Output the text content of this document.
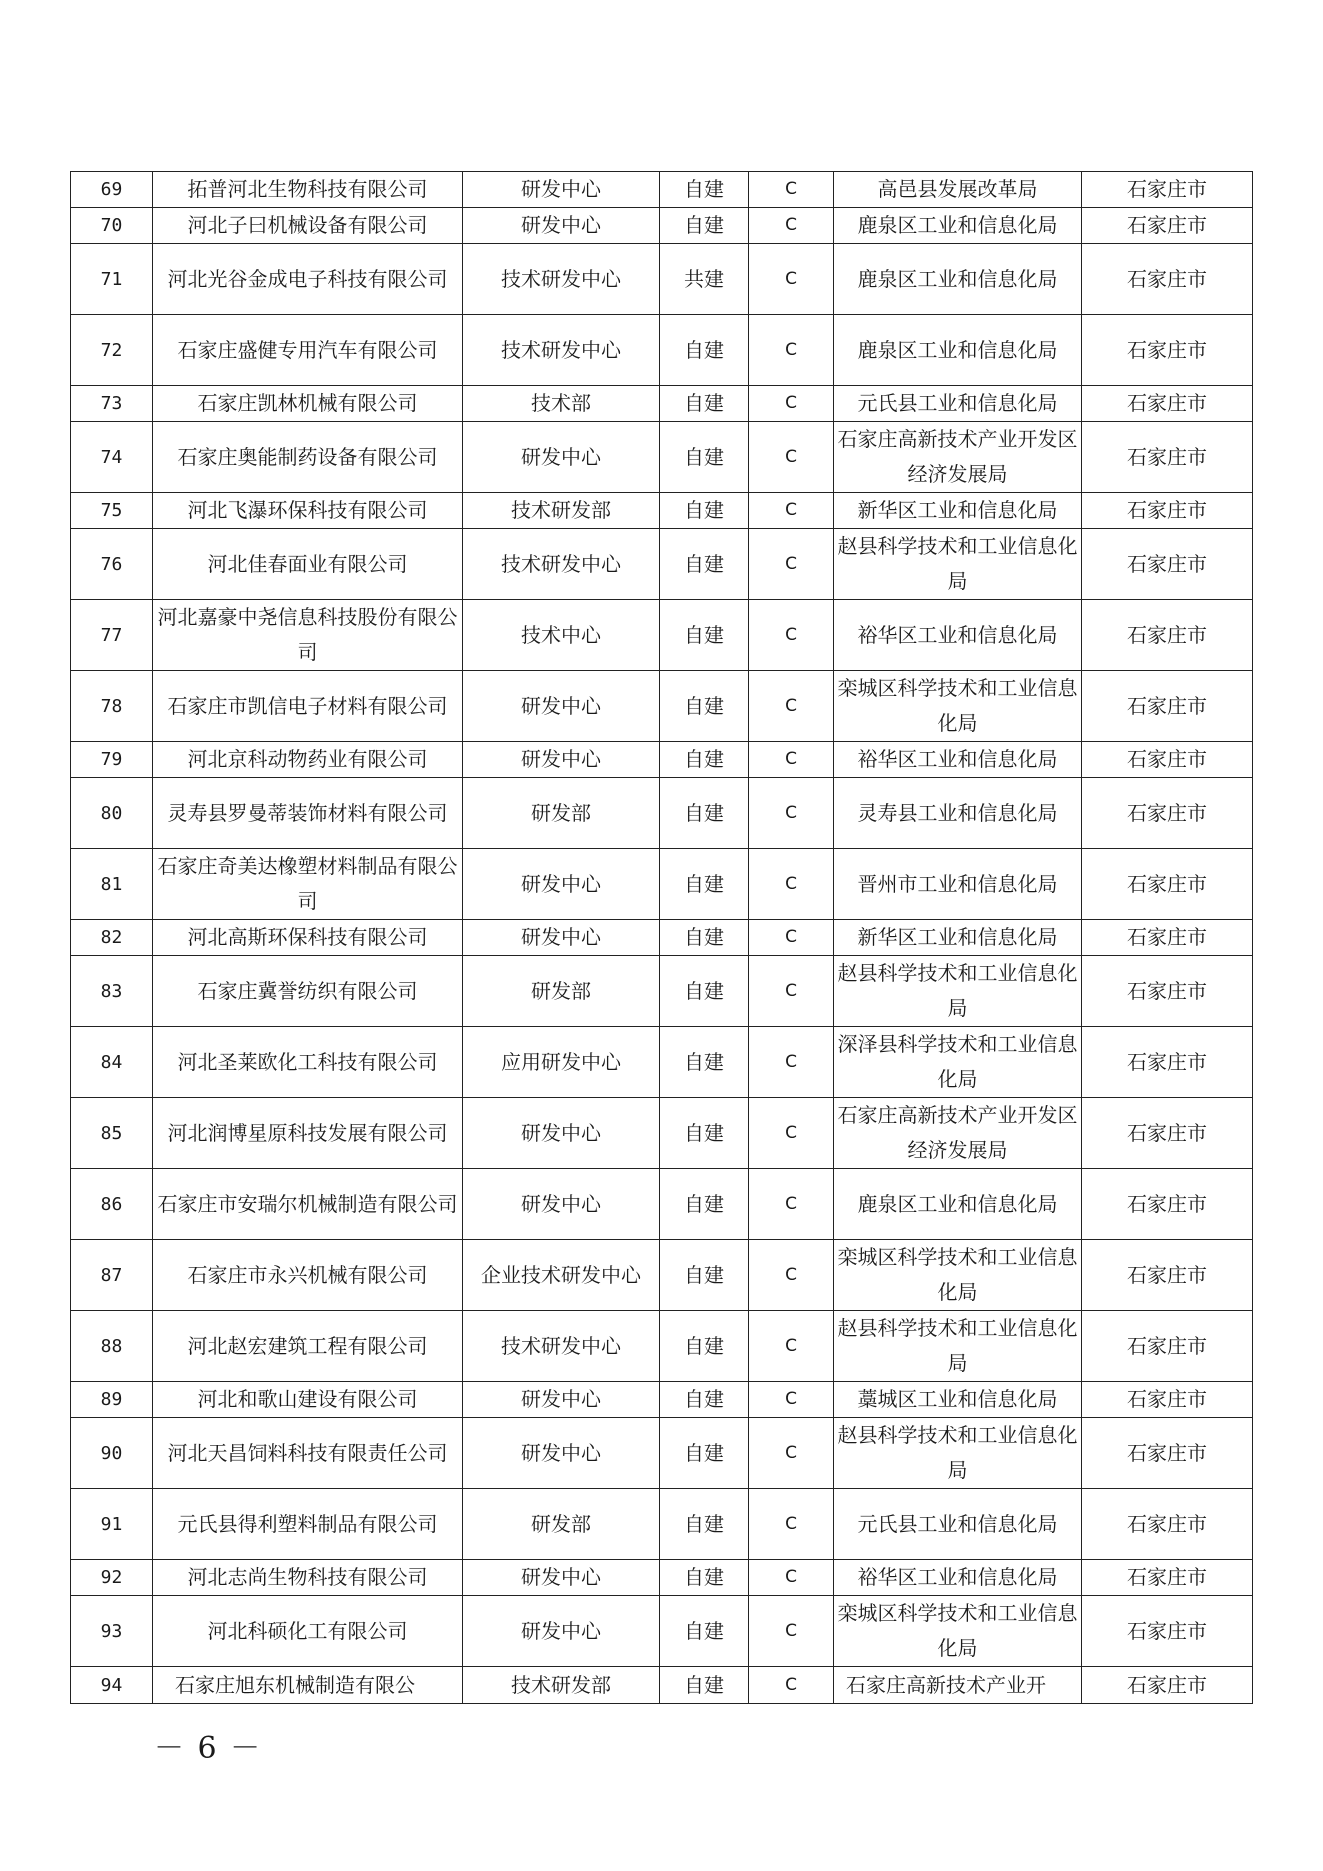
69	拓普河北生物科技有限公司	研发中心	自建	C	高邑县发展改革局	石家庄市
70	河北子曰机械设备有限公司	研发中心	自建	C	鹿泉区工业和信息化局	石家庄市
71	河北光谷金成电子科技有限公司	技术研发中心	共建	C	鹿泉区工业和信息化局	石家庄市
72	石家庄盛健专用汽车有限公司	技术研发中心	自建	C	鹿泉区工业和信息化局	石家庄市
73	石家庄凯林机械有限公司	技术部	自建	C	元氏县工业和信息化局	石家庄市
74	石家庄奥能制药设备有限公司	研发中心	自建	C	石家庄高新技术产业开发区经济发展局	石家庄市
75	河北飞瀑环保科技有限公司	技术研发部	自建	C	新华区工业和信息化局	石家庄市
76	河北佳春面业有限公司	技术研发中心	自建	C	赵县科学技术和工业信息化局	石家庄市
77	河北嘉豪中尧信息科技股份有限公司	技术中心	自建	C	裕华区工业和信息化局	石家庄市
78	石家庄市凯信电子材料有限公司	研发中心	自建	C	栾城区科学技术和工业信息化局	石家庄市
79	河北京科动物药业有限公司	研发中心	自建	C	裕华区工业和信息化局	石家庄市
80	灵寿县罗曼蒂装饰材料有限公司	研发部	自建	C	灵寿县工业和信息化局	石家庄市
81	石家庄奇美达橡塑材料制品有限公司	研发中心	自建	C	晋州市工业和信息化局	石家庄市
82	河北高斯环保科技有限公司	研发中心	自建	C	新华区工业和信息化局	石家庄市
83	石家庄冀誉纺织有限公司	研发部	自建	C	赵县科学技术和工业信息化局	石家庄市
84	河北圣莱欧化工科技有限公司	应用研发中心	自建	C	深泽县科学技术和工业信息化局	石家庄市
85	河北润博星原科技发展有限公司	研发中心	自建	C	石家庄高新技术产业开发区经济发展局	石家庄市
86	石家庄市安瑞尔机械制造有限公司	研发中心	自建	C	鹿泉区工业和信息化局	石家庄市
87	石家庄市永兴机械有限公司	企业技术研发中心	自建	C	栾城区科学技术和工业信息化局	石家庄市
88	河北赵宏建筑工程有限公司	技术研发中心	自建	C	赵县科学技术和工业信息化局	石家庄市
89	河北和歌山建设有限公司	研发中心	自建	C	藁城区工业和信息化局	石家庄市
90	河北天昌饲料科技有限责任公司	研发中心	自建	C	赵县科学技术和工业信息化局	石家庄市
91	元氏县得利塑料制品有限公司	研发部	自建	C	元氏县工业和信息化局	石家庄市
92	河北志尚生物科技有限公司	研发中心	自建	C	裕华区工业和信息化局	石家庄市
93	河北科硕化工有限公司	研发中心	自建	C	栾城区科学技术和工业信息化局	石家庄市
94	石家庄旭东机械制造有限公	技术研发部	自建	C	石家庄高新技术产业开	石家庄市
－ 6 －
